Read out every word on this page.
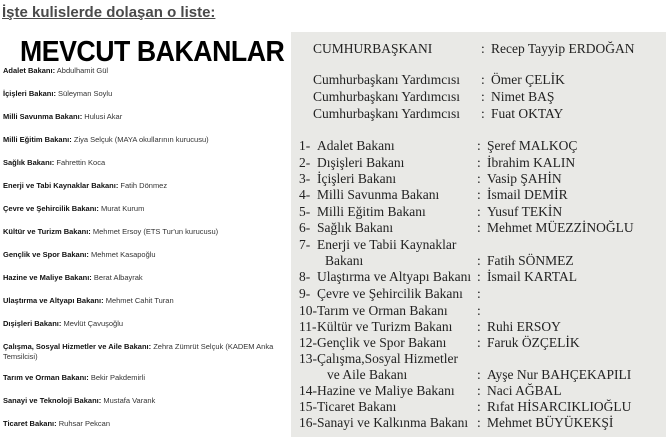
İşte kulislerde dolaşan o liste:
MEVCUT BAKANLAR
Adalet Bakanı: Abdulhamit Gül
İçişleri Bakanı: Süleyman Soylu
Milli Savunma Bakanı: Hulusi Akar
Milli Eğitim Bakanı: Ziya Selçuk (MAYA okullarının kurucusu)
Sağlık Bakanı: Fahrettin Koca
Enerji ve Tabi Kaynaklar Bakanı: Fatih Dönmez
Çevre ve Şehircilik Bakanı: Murat Kurum
Kültür ve Turizm Bakanı: Mehmet Ersoy (ETS Tur'un kurucusu)
Gençlik ve Spor Bakanı: Mehmet Kasapoğlu
Hazine ve Maliye Bakanı: Berat Albayrak
Ulaştırma ve Altyapı Bakanı: Mehmet Cahit Turan
Dışişleri Bakanı: Mevlüt Çavuşoğlu
Çalışma, Sosyal Hizmetler ve Aile Bakanı: Zehra Zümrüt Selçuk (KADEM Anka
Temsilcisi)
Tarım ve Orman Bakanı: Bekir Pakdemirli
Sanayi ve Teknoloji Bakanı: Mustafa Varank
Ticaret Bakanı: Ruhsar Pekcan
CUMHURBAŞKANI	: Recep Tayyip ERDOĞAN
Cumhurbaşkanı Yardımcısı : Ömer ÇELİK
Cumhurbaşkanı Yardımcısı : Nimet BAŞ
Cumhurbaşkanı Yardımcısı : Fuat OKTAY
1- Adalet Bakanı	: Şeref MALKOÇ
2- Dışişleri Bakanı	: İbrahim KALIN
3- İçişleri Bakanı	: Vasip ŞAHİN
4- Milli Savunma Bakanı	: İsmail DEMİR
5- Milli Eğitim Bakanı	: Yusuf TEKİN
6- Sağlık Bakanı	: Mehmet MÜEZZİNOĞLU
7- Enerji ve Tabii Kaynaklar
Bakanı	: Fatih SÖNMEZ
8- Ulaştırma ve Altyapı Bakanı : İsmail KARTAL
9- Çevre ve Şehircilik Bakanı :
10- Tarım ve Orman Bakanı :
11- Kültür ve Turizm Bakanı : Ruhi ERSOY
12- Gençlik ve Spor Bakanı : Faruk ÖZÇELİK
13- Çalışma,Sosyal Hizmetler
ve Aile Bakanı	: Ayşe Nur BAHÇEKAPILI
14- Hazine ve Maliye Bakanı : Naci AĞBAL
15- Ticaret Bakanı	: Rıfat HİSARCIKLIOĞLU
16- Sanayi ve Kalkınma Bakanı : Mehmet BÜYÜKEKŞİ
